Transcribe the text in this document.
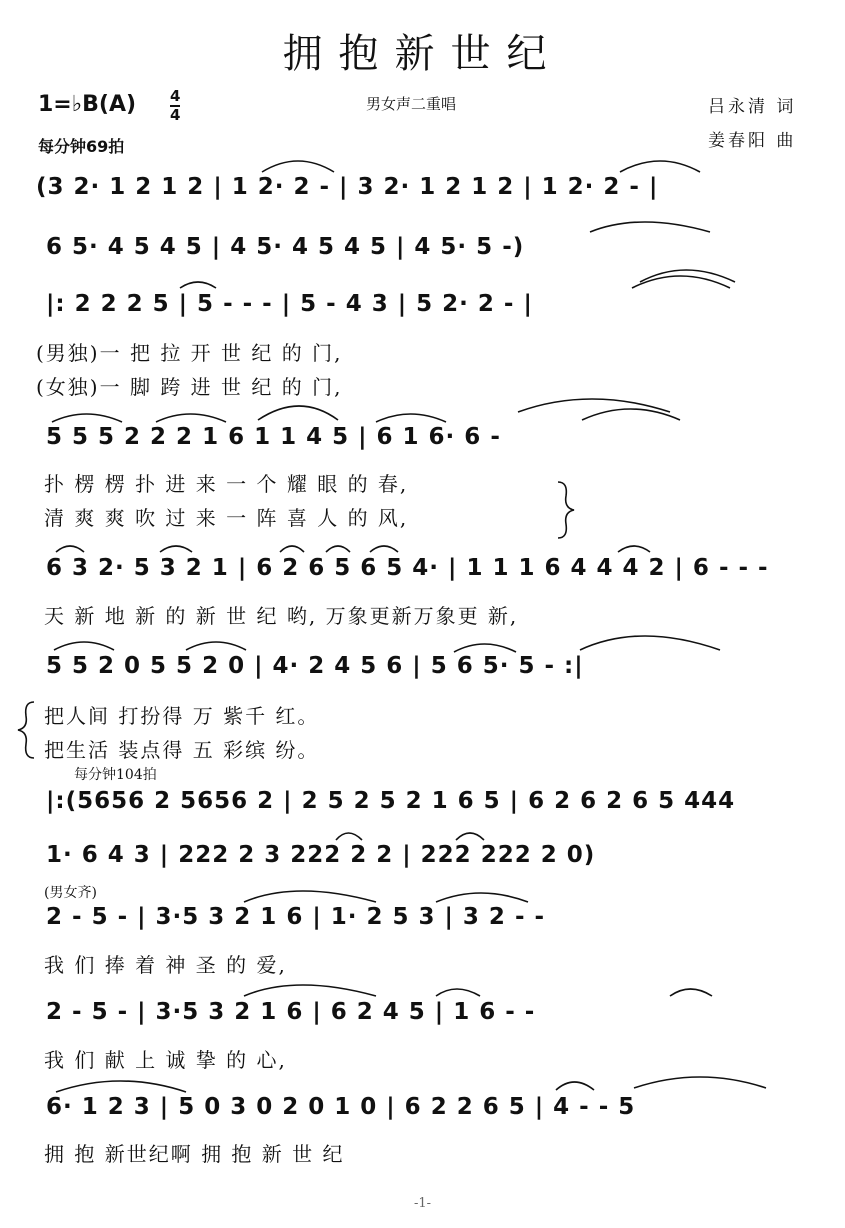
拥抱新世纪
1=♭B(A) 4
4
每分钟69拍
男女声二重唱	吕永清 词
姜春阳 曲
(3 2· 1 2 1 2 | 1 2· 2 - | 3 2· 1 2 1 2 | 1 2· 2 - |
6 5· 4 5 4 5 | 4 5· 4 5 4 5 | 4 5· 5 -)
|: 2 2 2 5 | 5 - - - | 5 - 4 3 | 5 2· 2 - |
(男独)一 把 拉 开 世 纪 的 门,
(女独)一 脚 跨 进 世 纪 的 门,
5 5 5 2 2 2 1 6 1 1 4 5 | 6 1 6· 6 -
扑 楞 楞 扑 进 来 一 个 耀 眼 的 春,
清 爽 爽 吹 过 来 一 阵 喜 人 的 风,
6 3 2· 5 3 2 1 | 6 2 6 5 6 5 4· | 1 1 1 6 4 4 4 2 | 6 - - -
天 新 地 新 的 新 世 纪 哟, 万象更新万象更 新,
5 5 2 0 5 5 2 0 | 4· 2 4 5 6 | 5 6 5· 5 - :|
把人间 打扮得 万 紫千 红。
把生活 装点得 五 彩缤 纷。
每分钟104拍
|:(5656 2 5656 2 | 2 5 2 5 2 1 6 5 | 6 2 6 2 6 5 444
1· 6 4 3 | 222 2 3 222 2 2 | 222 222 2 0)
(男女齐)
2 - 5 - | 3·5 3 2 1 6 | 1· 2 5 3 | 3 2 - -
我 们 捧 着 神 圣 的 爱,
2 - 5 - | 3·5 3 2 1 6 | 6 2 4 5 | 1 6 - -
我 们 献 上 诚 挚 的 心,
6· 1 2 3 | 5 0 3 0 2 0 1 0 | 6 2 2 6 5 | 4 - - 5
拥 抱 新世纪啊 拥 抱 新 世 纪
-1-
